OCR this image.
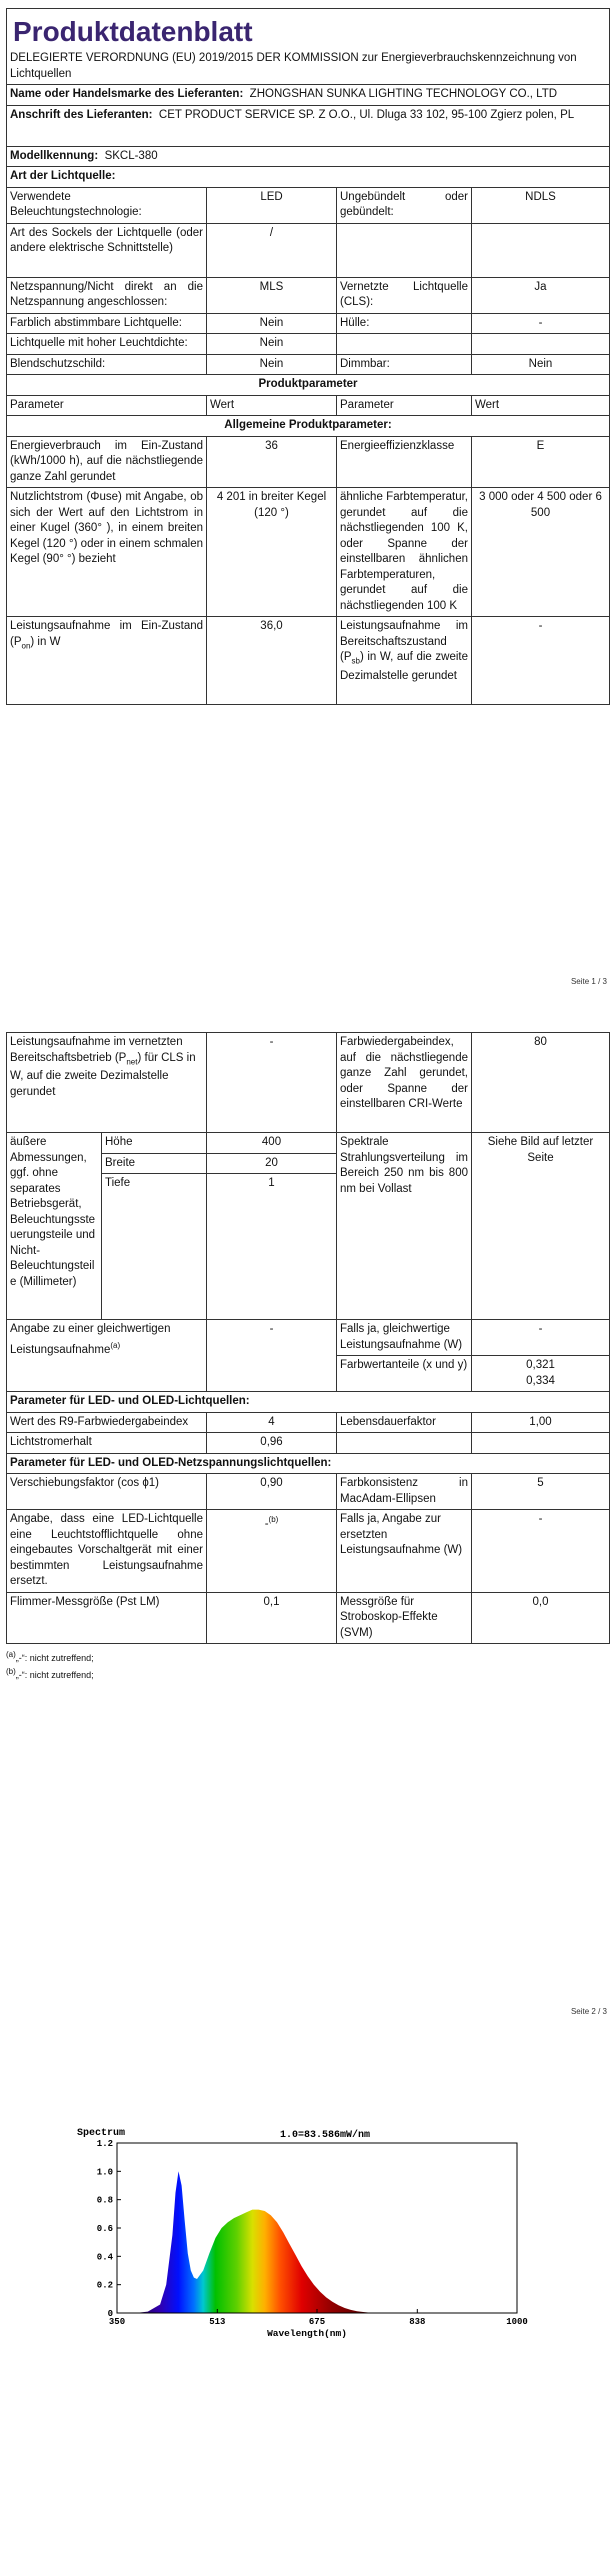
Produktdatenblatt			

DELEGIERTE VERORDNUNG (EU) 2019/2015 DER KOMMISSION zur Energieverbrauchskennzeichnung von Lichtquellen			
Name oder Handelsmarke des Lieferanten: ZHONGSHAN SUNKA LIGHTING TECHNOLOGY CO., LTD			
Anschrift des Lieferanten: CET PRODUCT SERVICE SP. Z O.O., Ul. Dluga 33 102, 95-100 Zgierz polen, PL			
Modellkennung: SKCL-380			
Art der Lichtquelle:			
Verwendete Beleuchtungstechnologie:	LED	Ungebündelt oder gebündelt:	NDLS
Art des Sockels der Lichtquelle (oder andere elektrische Schnittstelle)	/		
Netzspannung/Nicht direkt an die Netzspannung angeschlossen:	MLS	Vernetzte Lichtquelle (CLS):	Ja
Farblich abstimmbare Lichtquelle:	Nein	Hülle:	-
Lichtquelle mit hoher Leuchtdichte:	Nein		
Blendschutzschild:	Nein	Dimmbar:	Nein
Produktparameter			
Parameter	Wert	Parameter	Wert
Allgemeine Produktparameter:			
Energieverbrauch im Ein-Zustand (kWh/1000 h), auf die nächstliegende ganze Zahl gerundet	36	Energieeffizienzklasse	E
Nutzlichtstrom (Φuse) mit Angabe, ob sich der Wert auf den Lichtstrom in einer Kugel (360° ), in einem breiten Kegel (120 °) oder in einem schmalen Kegel (90° °) bezieht	4 201 in breiter Kegel (120 °)	ähnliche Farbtemperatur, gerundet auf die nächstliegenden 100 K, oder Spanne der einstellbaren ähnlichen Farbtemperaturen, gerundet auf die nächstliegenden 100 K	3 000 oder 4 500 oder 6 500
Leistungsaufnahme im Ein-Zustand $(P_{on})$ in W	36,0	Leistungsaufnahme im Bereitschaftszustand $(P_{sb})$ in W, auf die zweite Dezimalstelle gerundet	-
Seite 1 / 3
Leistungsaufnahme im vernetzten Bereitschaftsbetrieb $(P_{net})$ für CLS in W, auf die zweite Dezimalstelle gerundet		-	Farbwiedergabeindex, auf die nächstliegende ganze Zahl gerundet, oder Spanne der einstellbaren CRI-Werte	80
äußere Abmessungen, ggf. ohne separates Betriebsgerät, Beleuchtungssteuerungsteile und Nicht-Beleuchtungsteile (Millimeter)	Höhe	400	Spektrale Strahlungsverteilung im Bereich 250 nm bis 800 nm bei Vollast	Siehe Bild auf letzter Seite
	Breite	20		
	Tiefe	1		
Angabe zu einer gleichwertigen Leistungsaufnahme$^{(a)}$		-	Falls ja, gleichwertige Leistungsaufnahme (W)	-
			Farbwertanteile (x und y)	0,321
0,334

Parameter für LED- und OLED-Lichtquellen:				
Wert des R9-Farbwiedergabeindex		4	Lebensdauerfaktor	1,00
Lichtstromerhalt		0,96		
Parameter für LED- und OLED-Netzspannungslichtquellen:				
Verschiebungsfaktor (cos ϕ1)		0,90	Farbkonsistenz in MacAdam-Ellipsen	5
Angabe, dass eine LED-Lichtquelle eine Leuchtstofflichtquelle ohne eingebautes Vorschaltgerät mit einer bestimmten Leistungsaufnahme ersetzt.		-$^{(b)}$	Falls ja, Angabe zur ersetzten Leistungsaufnahme (W)	-
Flimmer-Messgröße (Pst LM)		0,1	Messgröße für Stroboskop-Effekte (SVM)	0,0
$^{(a)}$„-“: nicht zutreffend;
$^{(b)}$„-“: nicht zutreffend;
Seite 2 / 3
Spectrum	1.0=83.586mW/nm
0
0.2
0.4
0.6
0.8
1.0
1.2
350	513	675	838	1000
Wavelength(nm)
